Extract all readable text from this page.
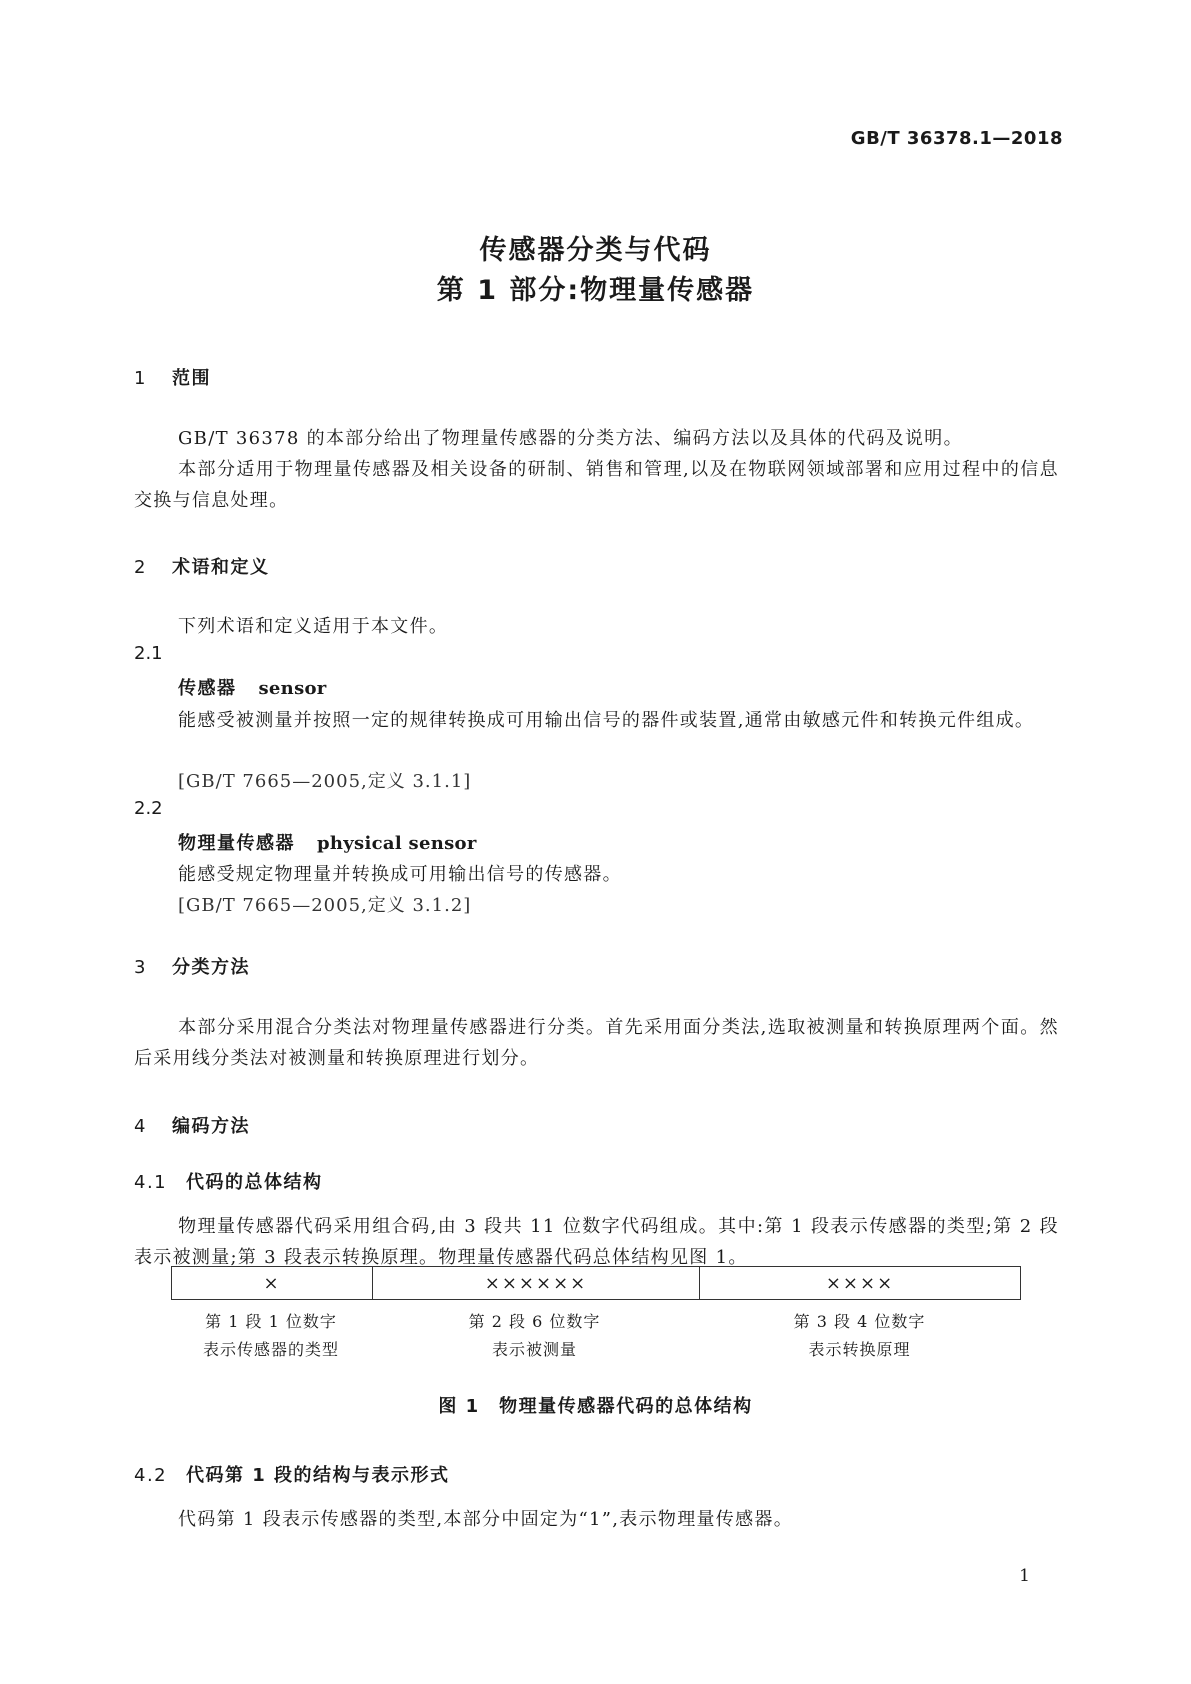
GB/T 36378.1—2018
传感器分类与代码
第 1 部分:物理量传感器
1 范围
GB/T 36378 的本部分给出了物理量传感器的分类方法、编码方法以及具体的代码及说明。
本部分适用于物理量传感器及相关设备的研制、销售和管理,以及在物联网领域部署和应用过程中的信息交换与信息处理。
2 术语和定义
下列术语和定义适用于本文件。
2.1
传感器 sensor
能感受被测量并按照一定的规律转换成可用输出信号的器件或装置,通常由敏感元件和转换元件组成。
[GB/T 7665—2005,定义 3.1.1]
2.2
物理量传感器 physical sensor
能感受规定物理量并转换成可用输出信号的传感器。
[GB/T 7665—2005,定义 3.1.2]
3 分类方法
本部分采用混合分类法对物理量传感器进行分类。首先采用面分类法,选取被测量和转换原理两个面。然后采用线分类法对被测量和转换原理进行划分。
4 编码方法
4.1 代码的总体结构
物理量传感器代码采用组合码,由 3 段共 11 位数字代码组成。其中:第 1 段表示传感器的类型;第 2 段表示被测量;第 3 段表示转换原理。物理量传感器代码总体结构见图 1。
×	××××××	××××
第 1 段 1 位数字
表示传感器的类型
第 2 段 6 位数字
表示被测量
第 3 段 4 位数字
表示转换原理
图 1　物理量传感器代码的总体结构
4.2 代码第 1 段的结构与表示形式
代码第 1 段表示传感器的类型,本部分中固定为“1”,表示物理量传感器。
1
